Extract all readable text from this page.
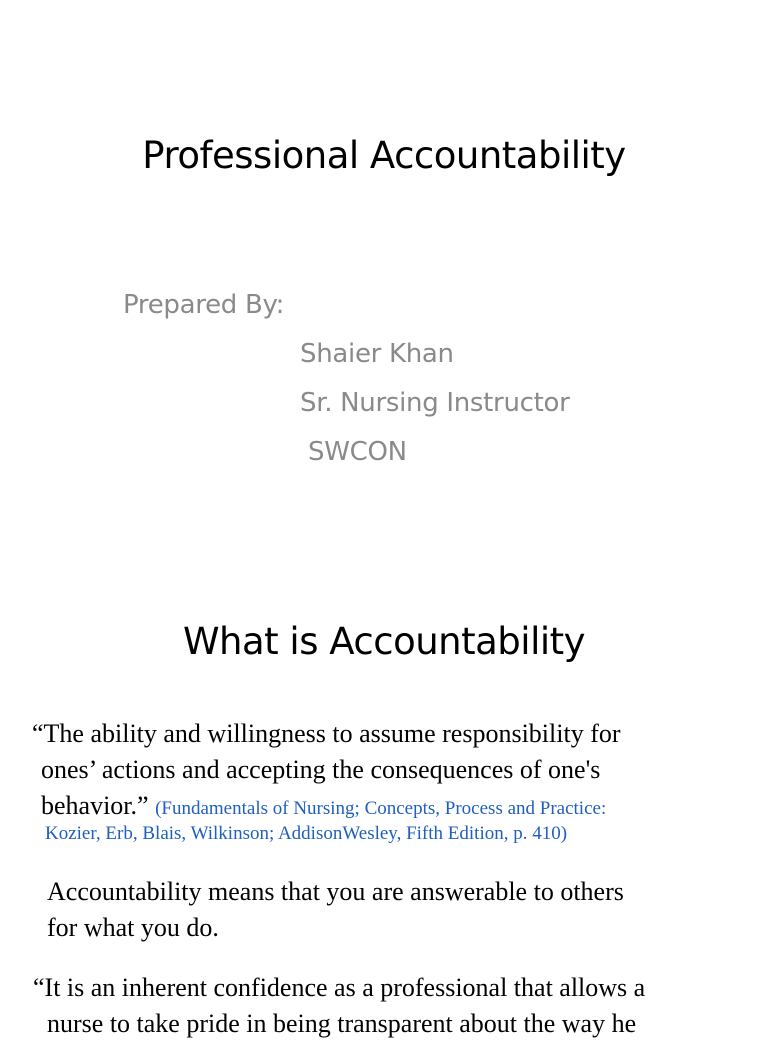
Professional Accountability
Prepared By:
Shaier Khan
Sr. Nursing Instructor
SWCON
What is Accountability
“The ability and willingness to assume responsibility for
ones’ actions and accepting the consequences of one's
behavior.” (Fundamentals of Nursing; Concepts, Process and Practice:
Kozier, Erb, Blais, Wilkinson; AddisonWesley, Fifth Edition, p. 410)
Accountability means that you are answerable to others
for what you do.
“It is an inherent confidence as a professional that allows a
nurse to take pride in being transparent about the way he
